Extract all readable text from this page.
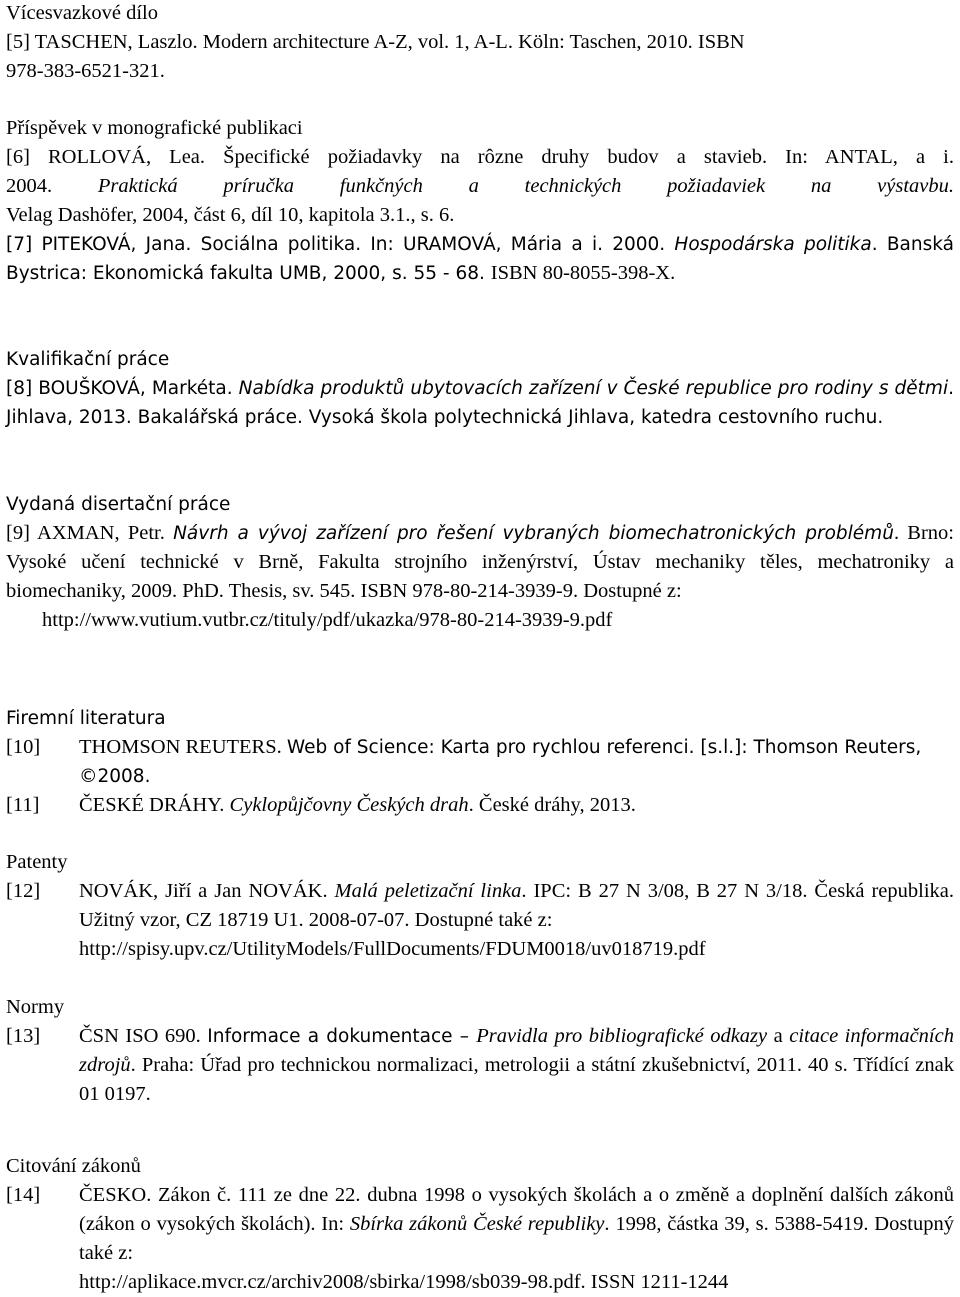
Vícesvazkové dílo

[5] TASCHEN, Laszlo. Modern architecture A-Z, vol. 1, A-L. Köln: Taschen, 2010. ISBN

978-383-6521-321.

Příspěvek v monografické publikaci

[6] ROLLOVÁ, Lea. Špecifické požiadavky na rôzne druhy budov a stavieb. In: ANTAL, a i.

2004. Praktická príručka funkčných a technických požiadaviek na výstavbu.

Velag Dashöfer, 2004, část 6, díl 10, kapitola 3.1., s. 6.

[7] PITEKOVÁ, Jana. Sociálna politika. In: URAMOVÁ, Mária a i. 2000. Hospodárska politika. Banská Bystrica: Ekonomická fakulta UMB, 2000, s. 55 - 68. ISBN 80-8055-398-X.
Kvalifikační práce
[8] BOUŠKOVÁ, Markéta. Nabídka produktů ubytovacích zařízení v České republice pro rodiny s dětmi. Jihlava, 2013. Bakalářská práce. Vysoká škola polytechnická Jihlava, katedra cestovního ruchu.
Vydaná disertační práce

[9] AXMAN, Petr. Návrh a vývoj zařízení pro řešení vybraných biomechatronických problémů. Brno: Vysoké učení technické v Brně, Fakulta strojního inženýrství, Ústav mechaniky těles, mechatroniky a biomechaniky, 2009. PhD. Thesis, sv. 545. ISBN 978-80-214-3939-9. Dostupné z:

http://www.vutium.vutbr.cz/tituly/pdf/ukazka/978-80-214-3939-9.pdf

Firemní literatura
[10]	THOMSON REUTERS. Web of Science: Karta pro rychlou referenci. [s.l.]: Thomson Reuters, ©2008.
[11]	ČESKÉ DRÁHY. Cyklopůjčovny Českých drah. České dráhy, 2013.
Patenty
[12]	NOVÁK, Jiří a Jan NOVÁK. Malá peletizační linka. IPC: B 27 N 3/08, B 27 N 3/18. Česká republika. Užitný vzor, CZ 18719 U1. 2008-07-07. Dostupné také z:
http://spisy.upv.cz/UtilityModels/FullDocuments/FDUM0018/uv018719.pdf
Normy
[13]	ČSN ISO 690. Informace a dokumentace – Pravidla pro bibliografické odkazy a citace informačních zdrojů. Praha: Úřad pro technickou normalizaci, metrologii a státní zkušebnictví, 2011. 40 s. Třídící znak 01 0197.
Citování zákonů
[14]	ČESKO. Zákon č. 111 ze dne 22. dubna 1998 o vysokých školách a o změně a doplnění dalších zákonů (zákon o vysokých školách). In: Sbírka zákonů České republiky. 1998, částka 39, s. 5388-5419. Dostupný také z:
http://aplikace.mvcr.cz/archiv2008/sbirka/1998/sb039-98.pdf. ISSN 1211-1244
